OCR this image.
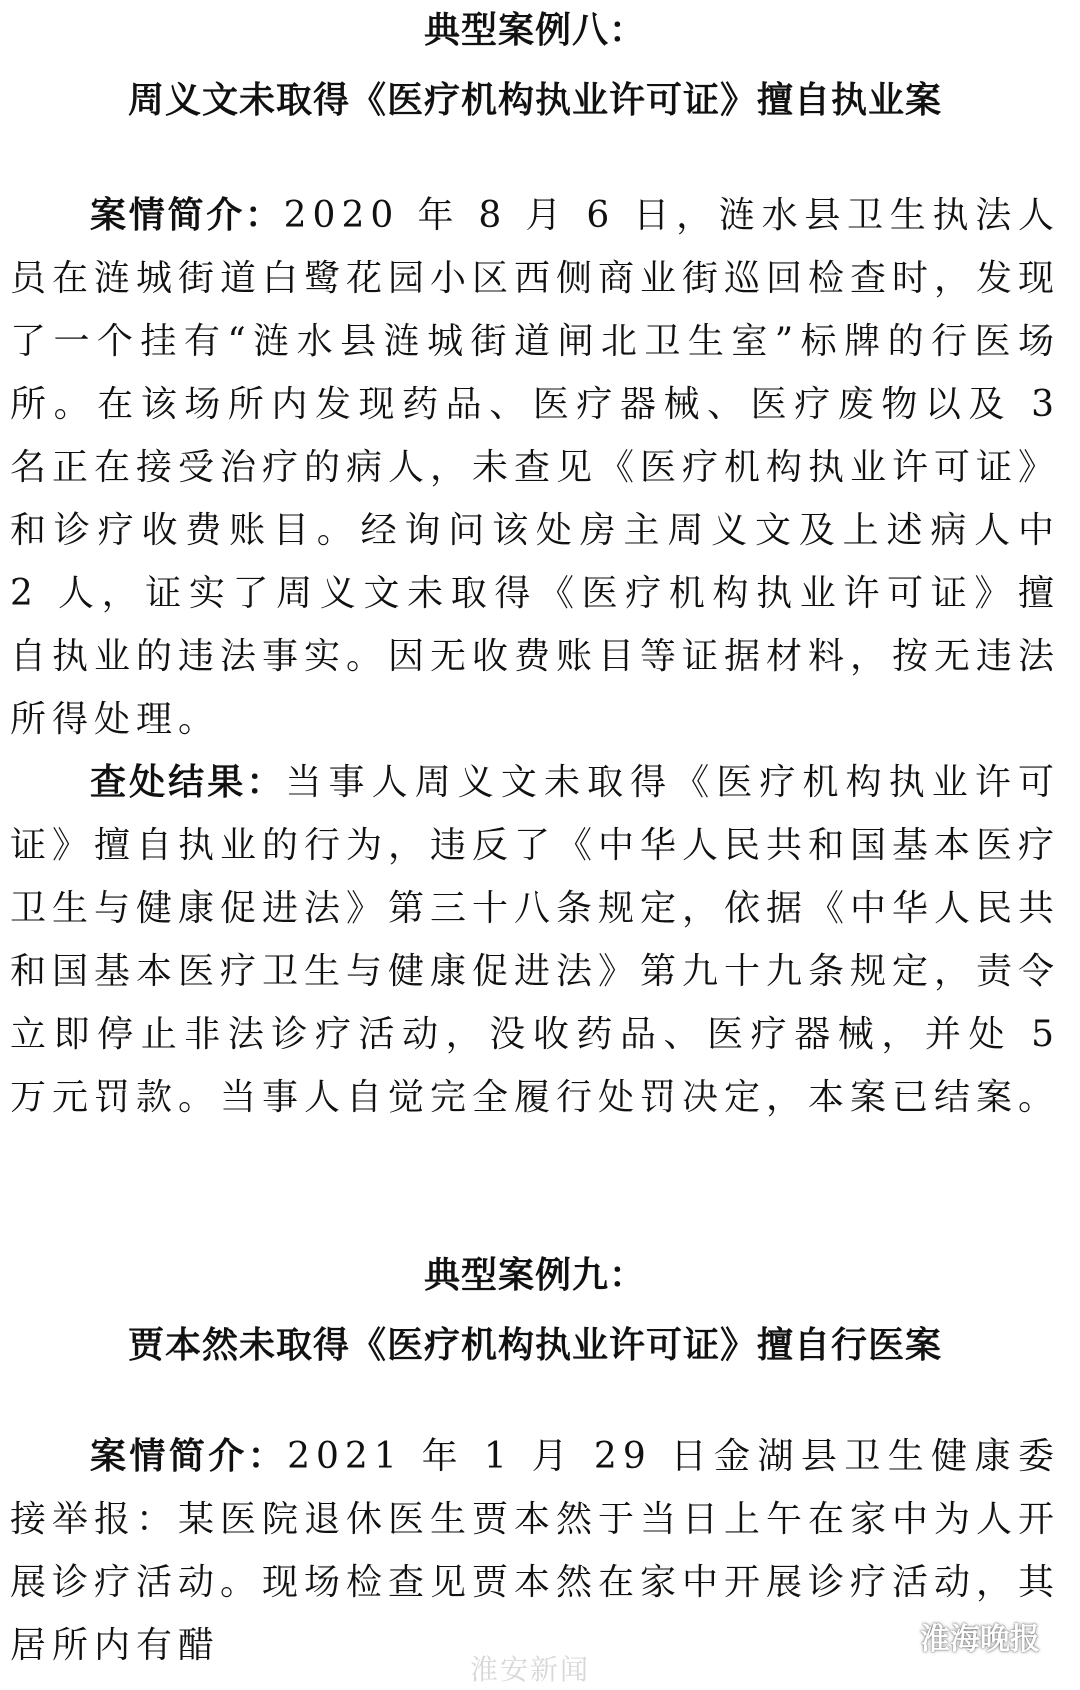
典型案例八：
周义文未取得《医疗机构执业许可证》擅自执业案

案情简介：2020 年 8 月 6 日，涟水县卫生执法人员在涟城街道白鹭花园小区西侧商业街巡回检查时，发现了一个挂有“涟水县涟城街道闸北卫生室”标牌的行医场所。在该场所内发现药品、医疗器械、医疗废物以及 3 名正在接受治疗的病人，未查见《医疗机构执业许可证》和诊疗收费账目。经询问该处房主周义文及上述病人中 2 人，证实了周义文未取得《医疗机构执业许可证》擅自执业的违法事实。因无收费账目等证据材料，按无违法所得处理。

查处结果：当事人周义文未取得《医疗机构执业许可证》擅自执业的行为，违反了《中华人民共和国基本医疗卫生与健康促进法》第三十八条规定，依据《中华人民共和国基本医疗卫生与健康促进法》第九十九条规定，责令立即停止非法诊疗活动，没收药品、医疗器械，并处 5 万元罚款。当事人自觉完全履行处罚决定，本案已结案。

典型案例九：
贾本然未取得《医疗机构执业许可证》擅自行医案

案情简介：2021 年 1 月 29 日金湖县卫生健康委接举报：某医院退休医生贾本然于当日上午在家中为人开展诊疗活动。现场检查见贾本然在家中开展诊疗活动，其居所内有醋

淮安新闻
淮海晚报
